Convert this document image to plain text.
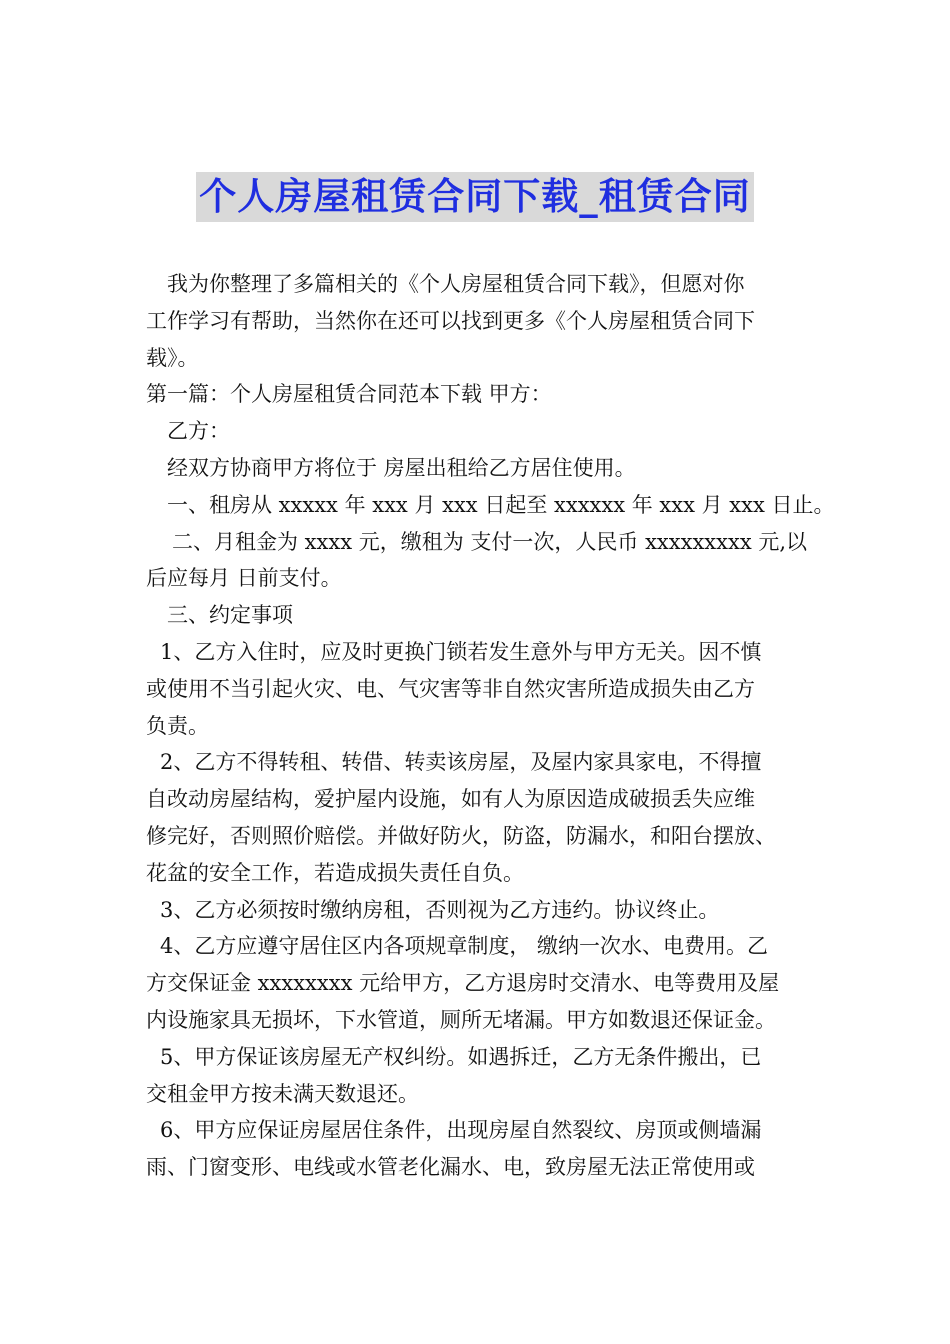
个人房屋租赁合同下载_租赁合同
我为你整理了多篇相关的《个人房屋租赁合同下载》，但愿对你
工作学习有帮助，当然你在还可以找到更多《个人房屋租赁合同下
载》。
第一篇：个人房屋租赁合同范本下载 甲方：
乙方：
经双方协商甲方将位于 房屋出租给乙方居住使用。
一、租房从 xxxxx 年 xxx 月 xxx 日起至 xxxxxx 年 xxx 月 xxx 日止。
二、月租金为 xxxx 元，缴租为 支付一次，人民币 xxxxxxxxx 元,以
后应每月 日前支付。
三、约定事项
1、乙方入住时，应及时更换门锁若发生意外与甲方无关。因不慎
或使用不当引起火灾、电、气灾害等非自然灾害所造成损失由乙方
负责。
2、乙方不得转租、转借、转卖该房屋，及屋内家具家电，不得擅
自改动房屋结构，爱护屋内设施，如有人为原因造成破损丢失应维
修完好，否则照价赔偿。并做好防火，防盗，防漏水，和阳台摆放、
花盆的安全工作，若造成损失责任自负。
3、乙方必须按时缴纳房租，否则视为乙方违约。协议终止。
4、乙方应遵守居住区内各项规章制度， 缴纳一次水、电费用。乙
方交保证金 xxxxxxxx 元给甲方，乙方退房时交清水、电等费用及屋
内设施家具无损坏，下水管道，厕所无堵漏。甲方如数退还保证金。
5、甲方保证该房屋无产权纠纷。如遇拆迁，乙方无条件搬出，已
交租金甲方按未满天数退还。
6、甲方应保证房屋居住条件，出现房屋自然裂纹、房顶或侧墙漏
雨、门窗变形、电线或水管老化漏水、电，致房屋无法正常使用或
